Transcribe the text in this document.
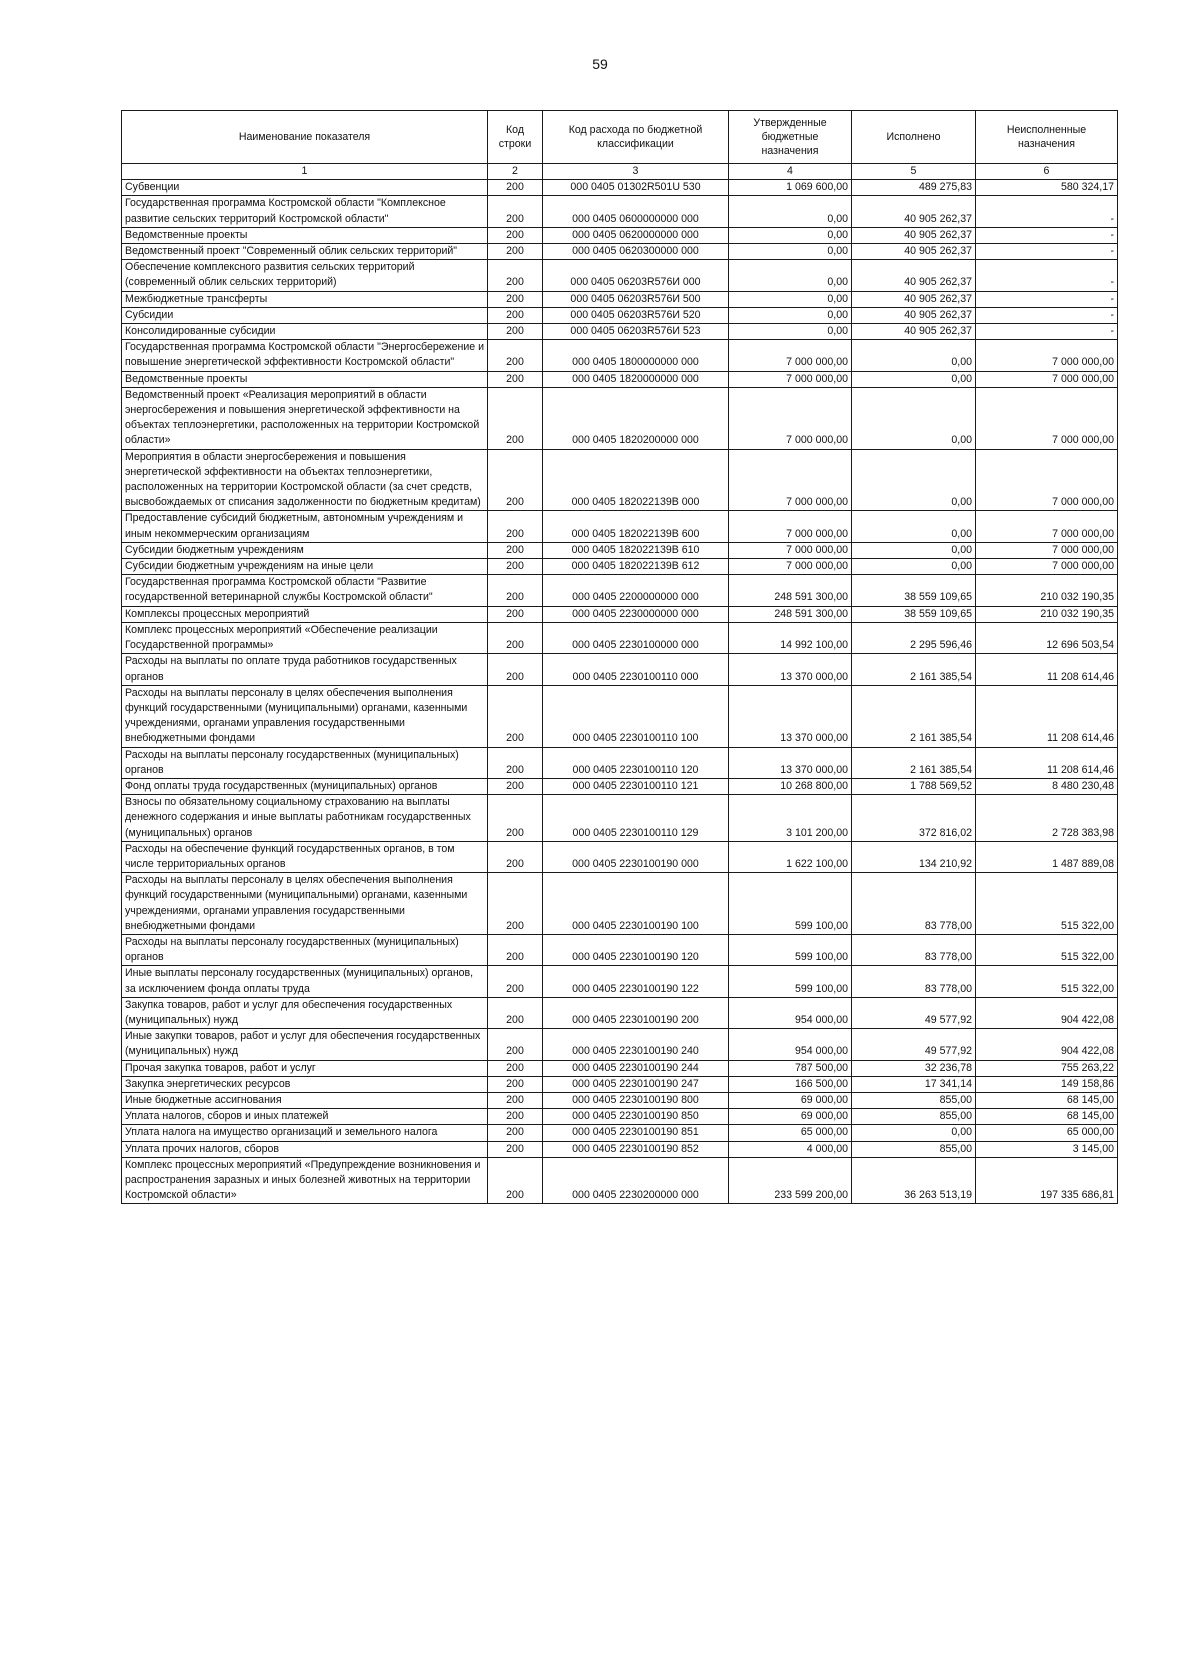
59
Наименование показателя	Код строки	Код расхода по бюджетной классификации	Утвержденные бюджетные назначения	Исполнено	Неисполненные назначения
1	2	3	4	5	6
Субвенции	200	000 0405 01302R501U 530	1 069 600,00	489 275,83	580 324,17
Государственная программа Костромской области "Комплексное развитие сельских территорий Костромской области"	200	000 0405 0600000000 000	0,00	40 905 262,37	-
Ведомственные проекты	200	000 0405 0620000000 000	0,00	40 905 262,37	-
Ведомственный проект "Современный облик сельских территорий"	200	000 0405 0620300000 000	0,00	40 905 262,37	-
Обеспечение комплексного развития сельских территорий (современный облик сельских территорий)	200	000 0405 06203R576И 000	0,00	40 905 262,37	-
Межбюджетные трансферты	200	000 0405 06203R576И 500	0,00	40 905 262,37	-
Субсидии	200	000 0405 06203R576И 520	0,00	40 905 262,37	-
Консолидированные субсидии	200	000 0405 06203R576И 523	0,00	40 905 262,37	-
Государственная программа Костромской области "Энергосбережение и повышение энергетической эффективности Костромской области"	200	000 0405 1800000000 000	7 000 000,00	0,00	7 000 000,00
Ведомственные проекты	200	000 0405 1820000000 000	7 000 000,00	0,00	7 000 000,00
Ведомственный проект «Реализация мероприятий в области энергосбережения и повышения энергетической эффективности на объектах теплоэнергетики, расположенных на территории Костромской области»	200	000 0405 1820200000 000	7 000 000,00	0,00	7 000 000,00
Мероприятия в области энергосбережения и повышения энергетической эффективности на объектах теплоэнергетики, расположенных на территории Костромской области (за счет средств, высвобождаемых от списания задолженности по бюджетным кредитам)	200	000 0405 182022139В 000	7 000 000,00	0,00	7 000 000,00
Предоставление субсидий бюджетным, автономным учреждениям и иным некоммерческим организациям	200	000 0405 182022139В 600	7 000 000,00	0,00	7 000 000,00
Субсидии бюджетным учреждениям	200	000 0405 182022139В 610	7 000 000,00	0,00	7 000 000,00
Субсидии бюджетным учреждениям на иные цели	200	000 0405 182022139В 612	7 000 000,00	0,00	7 000 000,00
Государственная программа Костромской области "Развитие государственной ветеринарной службы Костромской области"	200	000 0405 2200000000 000	248 591 300,00	38 559 109,65	210 032 190,35
Комплексы процессных мероприятий	200	000 0405 2230000000 000	248 591 300,00	38 559 109,65	210 032 190,35
Комплекс процессных мероприятий «Обеспечение реализации Государственной программы»	200	000 0405 2230100000 000	14 992 100,00	2 295 596,46	12 696 503,54
Расходы на выплаты по оплате труда работников государственных органов	200	000 0405 2230100110 000	13 370 000,00	2 161 385,54	11 208 614,46
Расходы на выплаты персоналу в целях обеспечения выполнения функций государственными (муниципальными) органами, казенными учреждениями, органами управления государственными внебюджетными фондами	200	000 0405 2230100110 100	13 370 000,00	2 161 385,54	11 208 614,46
Расходы на выплаты персоналу государственных (муниципальных) органов	200	000 0405 2230100110 120	13 370 000,00	2 161 385,54	11 208 614,46
Фонд оплаты труда государственных (муниципальных) органов	200	000 0405 2230100110 121	10 268 800,00	1 788 569,52	8 480 230,48
Взносы по обязательному социальному страхованию на выплаты денежного содержания и иные выплаты работникам государственных (муниципальных) органов	200	000 0405 2230100110 129	3 101 200,00	372 816,02	2 728 383,98
Расходы на обеспечение функций государственных органов, в том числе территориальных органов	200	000 0405 2230100190 000	1 622 100,00	134 210,92	1 487 889,08
Расходы на выплаты персоналу в целях обеспечения выполнения функций государственными (муниципальными) органами, казенными учреждениями, органами управления государственными внебюджетными фондами	200	000 0405 2230100190 100	599 100,00	83 778,00	515 322,00
Расходы на выплаты персоналу государственных (муниципальных) органов	200	000 0405 2230100190 120	599 100,00	83 778,00	515 322,00
Иные выплаты персоналу государственных (муниципальных) органов, за исключением фонда оплаты труда	200	000 0405 2230100190 122	599 100,00	83 778,00	515 322,00
Закупка товаров, работ и услуг для обеспечения государственных (муниципальных) нужд	200	000 0405 2230100190 200	954 000,00	49 577,92	904 422,08
Иные закупки товаров, работ и услуг для обеспечения государственных (муниципальных) нужд	200	000 0405 2230100190 240	954 000,00	49 577,92	904 422,08
Прочая закупка товаров, работ и услуг	200	000 0405 2230100190 244	787 500,00	32 236,78	755 263,22
Закупка энергетических ресурсов	200	000 0405 2230100190 247	166 500,00	17 341,14	149 158,86
Иные бюджетные ассигнования	200	000 0405 2230100190 800	69 000,00	855,00	68 145,00
Уплата налогов, сборов и иных платежей	200	000 0405 2230100190 850	69 000,00	855,00	68 145,00
Уплата налога на имущество организаций и земельного налога	200	000 0405 2230100190 851	65 000,00	0,00	65 000,00
Уплата прочих налогов, сборов	200	000 0405 2230100190 852	4 000,00	855,00	3 145,00
Комплекс процессных мероприятий «Предупреждение возникновения и распространения заразных и иных болезней животных на территории Костромской области»	200	000 0405 2230200000 000	233 599 200,00	36 263 513,19	197 335 686,81
